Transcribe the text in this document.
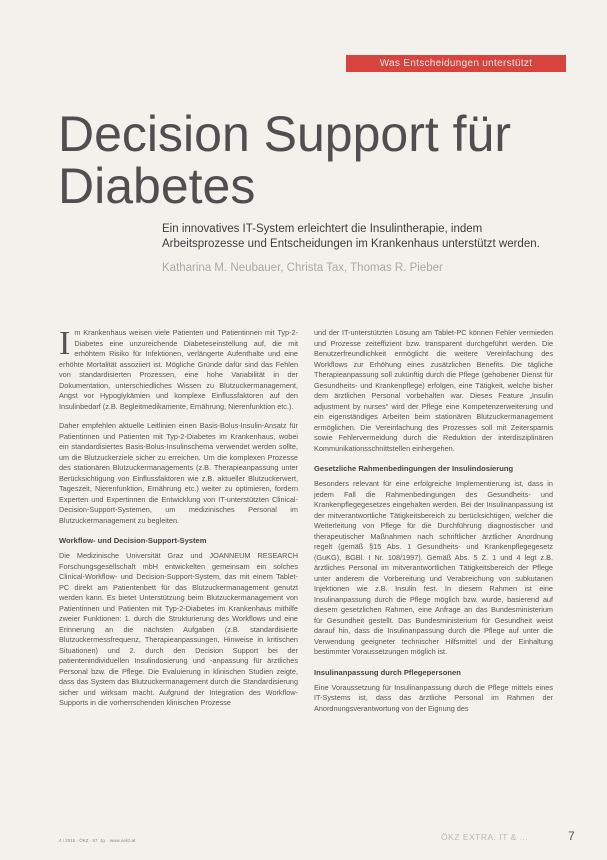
Was Entscheidungen unterstützt
Decision Support für Diabetes

Ein innovatives IT-System erleichtert die Insulintherapie, indem Arbeitsprozesse und Entscheidungen im Krankenhaus unterstützt werden.

Katharina M. Neubauer, Christa Tax, Thomas R. Pieber

I m Krankenhaus weisen viele Patienten und Patientinnen mit Typ-2-Diabetes eine unzureichende Diabeteseinstellung auf, die mit erhöhtem Risiko für Infektionen, verlängerte Aufenthalte und eine erhöhte Mortalität assoziiert ist. Mögliche Gründe dafür sind das Fehlen von standardisierten Prozessen, eine hohe Variabilität in der Dokumentation, unterschiedliches Wissen zu Blutzuckermanagement, Angst vor Hypoglykämien und komplexe Einflussfaktoren auf den Insulinbedarf (z.B. Begleitmedikamente, Ernährung, Nierenfunktion etc.).

Daher empfehlen aktuelle Leitlinien einen Basis-Bolus-Insulin-Ansatz für Patientinnen und Patienten mit Typ-2-Diabetes im Krankenhaus, wobei ein standardisiertes Basis-Bolus-Insulinschema verwendet werden sollte, um die Blutzuckerziele sicher zu erreichen. Um die komplexen Prozesse des stationären Blutzuckermanagements (z.B. Therapieanpassung unter Berücksichtigung von Einflussfaktoren wie z.B. aktueller Blutzuckerwert, Tageszeit, Nierenfunktion, Ernährung etc.) weiter zu optimieren, fordern Experten und Expertinnen die Entwicklung von IT-unterstützten Clinical-Decision-Support-Systemen, um medizinisches Personal im Blutzuckermanagement zu begleiten.

Workflow- und Decision-Support-System

Die Medizinische Universität Graz und JOANNEUM RESEARCH Forschungsgesellschaft mbH entwickelten gemeinsam ein solches Clinical-Workflow- und Decision-Support-System, das mit einem Tablet-PC direkt am Patientenbett für das Blutzuckermanagement genutzt werden kann. Es bietet Unterstützung beim Blutzuckermanagement von Patientinnen und Patienten mit Typ-2-Diabetes im Krankenhaus mithilfe zweier Funktionen: 1. durch die Strukturierung des Workflows und eine Erinnerung an die nächsten Aufgaben (z.B. standardisierte Blutzuckermessfrequenz, Therapieanpassungen, Hinweise in kritischen Situationen) und 2. durch den Decision Support bei der patientenindividuellen Insulindosierung und -anpassung für ärztliches Personal bzw. die Pflege. Die Evaluierung in klinischen Studien zeigte, dass das System das Blutzuckermanagement durch die Standardisierung sicher und wirksam macht. Aufgrund der Integration des Workflow-Supports in die vorherrschenden klinischen Prozesse

und der IT-unterstützten Lösung am Tablet-PC können Fehler vermieden und Prozesse zeiteffizient bzw. transparent durchgeführt werden. Die Benutzerfreundlichkeit ermöglicht die weitere Vereinfachung des Workflows zur Erhöhung eines zusätzlichen Benefits. Die tägliche Therapieanpassung soll zukünftig durch die Pflege (gehobener Dienst für Gesundheits- und Krankenpflege) erfolgen, eine Tätigkeit, welche bisher dem ärztlichen Personal vorbehalten war. Dieses Feature „Insulin adjustment by nurses“ wird der Pflege eine Kompetenzerweiterung und ein eigenständiges Arbeiten beim stationären Blutzuckermanagement ermöglichen. Die Vereinfachung des Prozesses soll mit Zeitersparnis sowie Fehlervermeidung durch die Reduktion der interdisziplinären Kommunikationsschnittstellen einhergehen.

Gesetzliche Rahmenbedingungen der Insulindosierung

Besonders relevant für eine erfolgreiche Implementierung ist, dass in jedem Fall die Rahmenbedingungen des Gesundheits- und Krankenpflegegesetzes eingehalten werden. Bei der Insulinanpassung ist der mitverantwortliche Tätigkeitsbereich zu berücksichtigen, welcher die Weiterleitung von Pflege für die Durchführung diagnostischer und therapeutischer Maßnahmen nach schriftlicher ärztlicher Anordnung regelt (gemäß §15 Abs. 1 Gesundheits- und Krankenpflegegesetz (GuKG), BGBl. I Nr. 108/1997). Gemäß Abs. 5 Z. 1 und 4 legt z.B. ärztliches Personal im mitverantwortlichen Tätigkeitsbereich der Pflege unter anderem die Vorbereitung und Verabreichung von subkutanen Injektionen wie z.B. Insulin fest. In diesem Rahmen ist eine Insulinanpassung durch die Pflege möglich bzw. wurde, basierend auf diesem gesetzlichen Rahmen, eine Anfrage an das Bundesministerium für Gesundheit gestellt. Das Bundesministerium für Gesundheit weist darauf hin, dass die Insulinanpassung durch die Pflege auf unter die Verwendung geeigneter technischer Hilfsmittel und der Einhaltung bestimmter Voraussetzungen möglich ist.

Insulinanpassung durch Pflegepersonen

Eine Voraussetzung für Insulinanpassung durch die Pflege mittels eines IT-Systems ist, dass das ärztliche Personal im Rahmen der Anordnungsverantwortung von der Eignung des

4 / 2016 · ÖKZ · 57. Jg. · www.oekz.at	ÖKZ EXTRA: IT & ...	7
